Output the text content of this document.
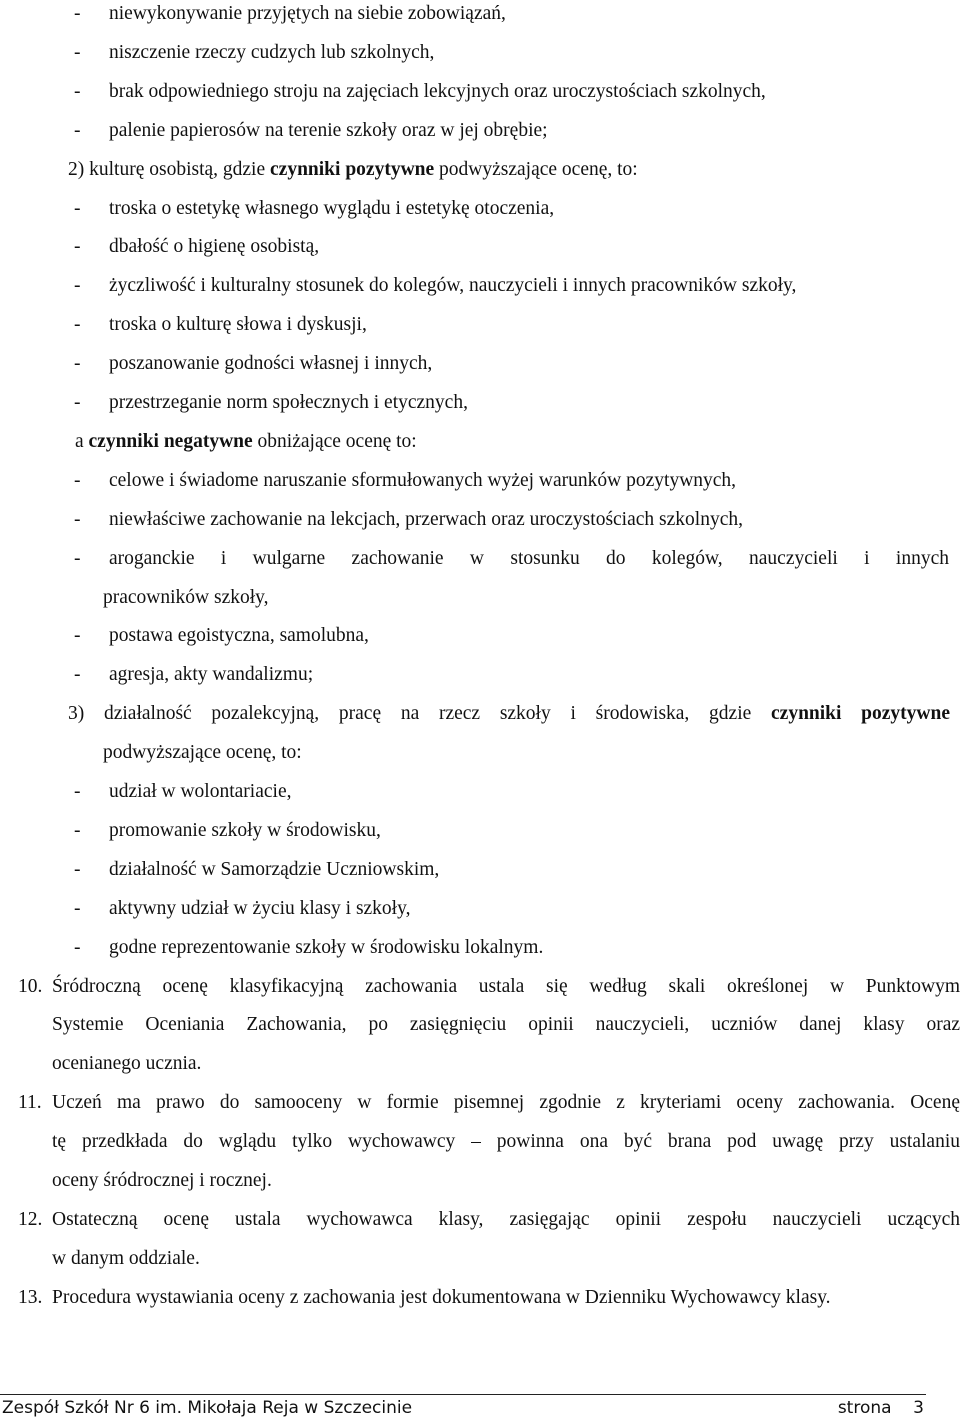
- niewykonywanie przyjętych na siebie zobowiązań,
- niszczenie rzeczy cudzych lub szkolnych,
- brak odpowiedniego stroju na zajęciach lekcyjnych oraz uroczystościach szkolnych,
- palenie papierosów na terenie szkoły oraz w jej obrębie;
2) kulturę osobistą, gdzie czynniki pozytywne podwyższające ocenę, to:
- troska o estetykę własnego wyglądu i estetykę otoczenia,
- dbałość o higienę osobistą,
- życzliwość i kulturalny stosunek do kolegów, nauczycieli i innych pracowników szkoły,
- troska o kulturę słowa i dyskusji,
- poszanowanie godności własnej i innych,
- przestrzeganie norm społecznych i etycznych,
a czynniki negatywne obniżające ocenę to:
- celowe i świadome naruszanie sformułowanych wyżej warunków pozytywnych,
- niewłaściwe zachowanie na lekcjach, przerwach oraz uroczystościach szkolnych,
- aroganckie i wulgarne zachowanie w stosunku do kolegów, nauczycieli i innych
pracowników szkoły,
- postawa egoistyczna, samolubna,
- agresja, akty wandalizmu;
3) działalność pozalekcyjną, pracę na rzecz szkoły i środowiska, gdzie czynniki pozytywne
podwyższające ocenę, to:
- udział w wolontariacie,
- promowanie szkoły w środowisku,
- działalność w Samorządzie Uczniowskim,
- aktywny udział w życiu klasy i szkoły,
- godne reprezentowanie szkoły w środowisku lokalnym.
10. Śródroczną ocenę klasyfikacyjną zachowania ustala się według skali określonej w Punktowym
Systemie Oceniania Zachowania, po zasięgnięciu opinii nauczycieli, uczniów danej klasy oraz
ocenianego ucznia.
11. Uczeń ma prawo do samooceny w formie pisemnej zgodnie z kryteriami oceny zachowania. Ocenę
tę przedkłada do wglądu tylko wychowawcy – powinna ona być brana pod uwagę przy ustalaniu
oceny śródrocznej i rocznej.
12. Ostateczną ocenę ustala wychowawca klasy, zasięgając opinii zespołu nauczycieli uczących
w danym oddziale.
13. Procedura wystawiania oceny z zachowania jest dokumentowana w Dzienniku Wychowawcy klasy.
Zespół Szkół Nr 6 im. Mikołaja Reja w Szczecinie	strona 3
